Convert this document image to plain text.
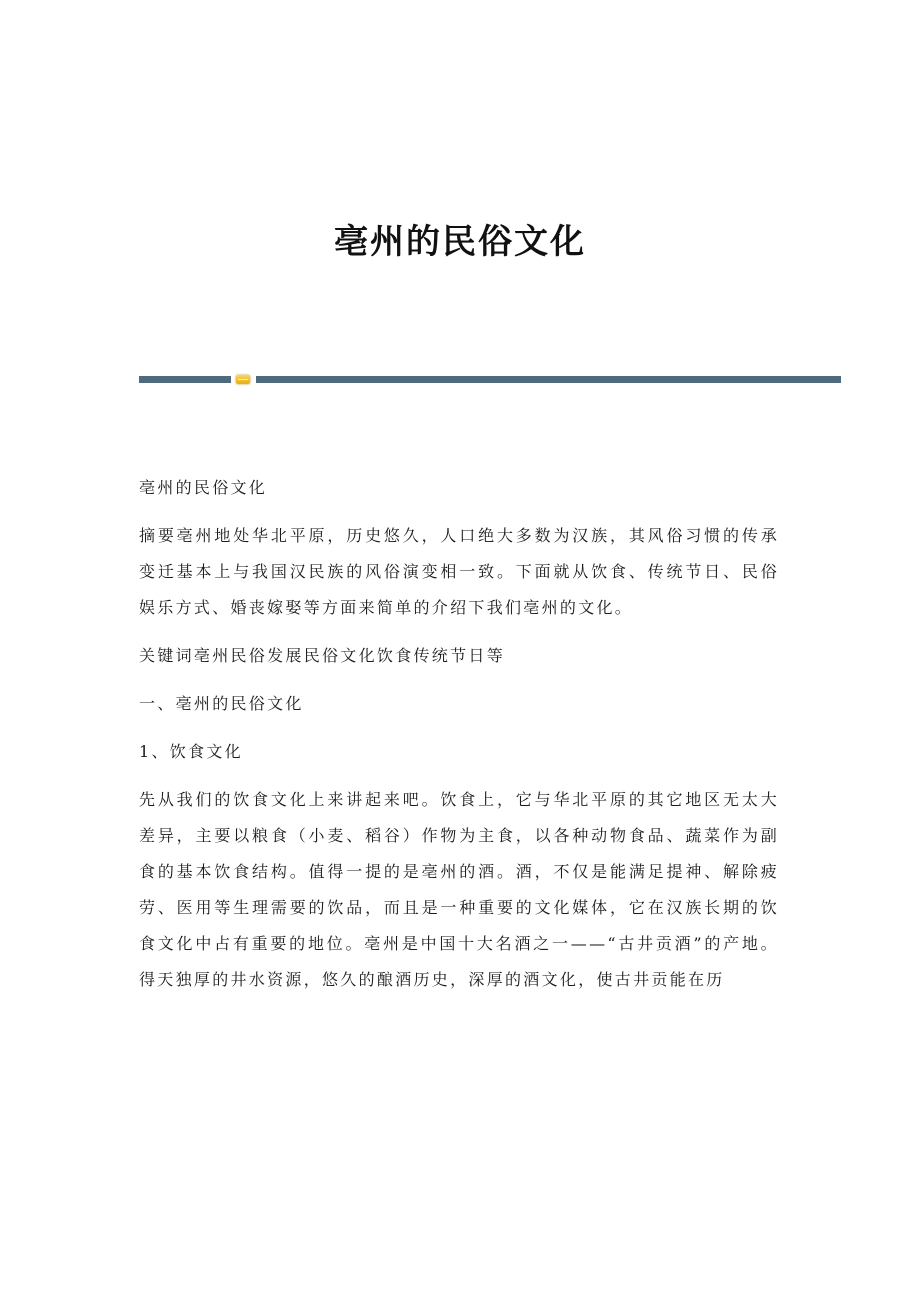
亳州的民俗文化

亳州的民俗文化

摘要亳州地处华北平原，历史悠久，人口绝大多数为汉族，其风俗习惯的传承变迁基本上与我国汉民族的风俗演变相一致。下面就从饮食、传统节日、民俗娱乐方式、婚丧嫁娶等方面来简单的介绍下我们亳州的文化。

关键词亳州民俗发展民俗文化饮食传统节日等

一、亳州的民俗文化

1、饮食文化

先从我们的饮食文化上来讲起来吧。饮食上，它与华北平原的其它地区无太大差异，主要以粮食（小麦、稻谷）作物为主食，以各种动物食品、蔬菜作为副食的基本饮食结构。值得一提的是亳州的酒。酒，不仅是能满足提神、解除疲劳、医用等生理需要的饮品，而且是一种重要的文化媒体，它在汉族长期的饮食文化中占有重要的地位。亳州是中国十大名酒之一——“古井贡酒”的产地。得天独厚的井水资源，悠久的酿酒历史，深厚的酒文化，使古井贡能在历
